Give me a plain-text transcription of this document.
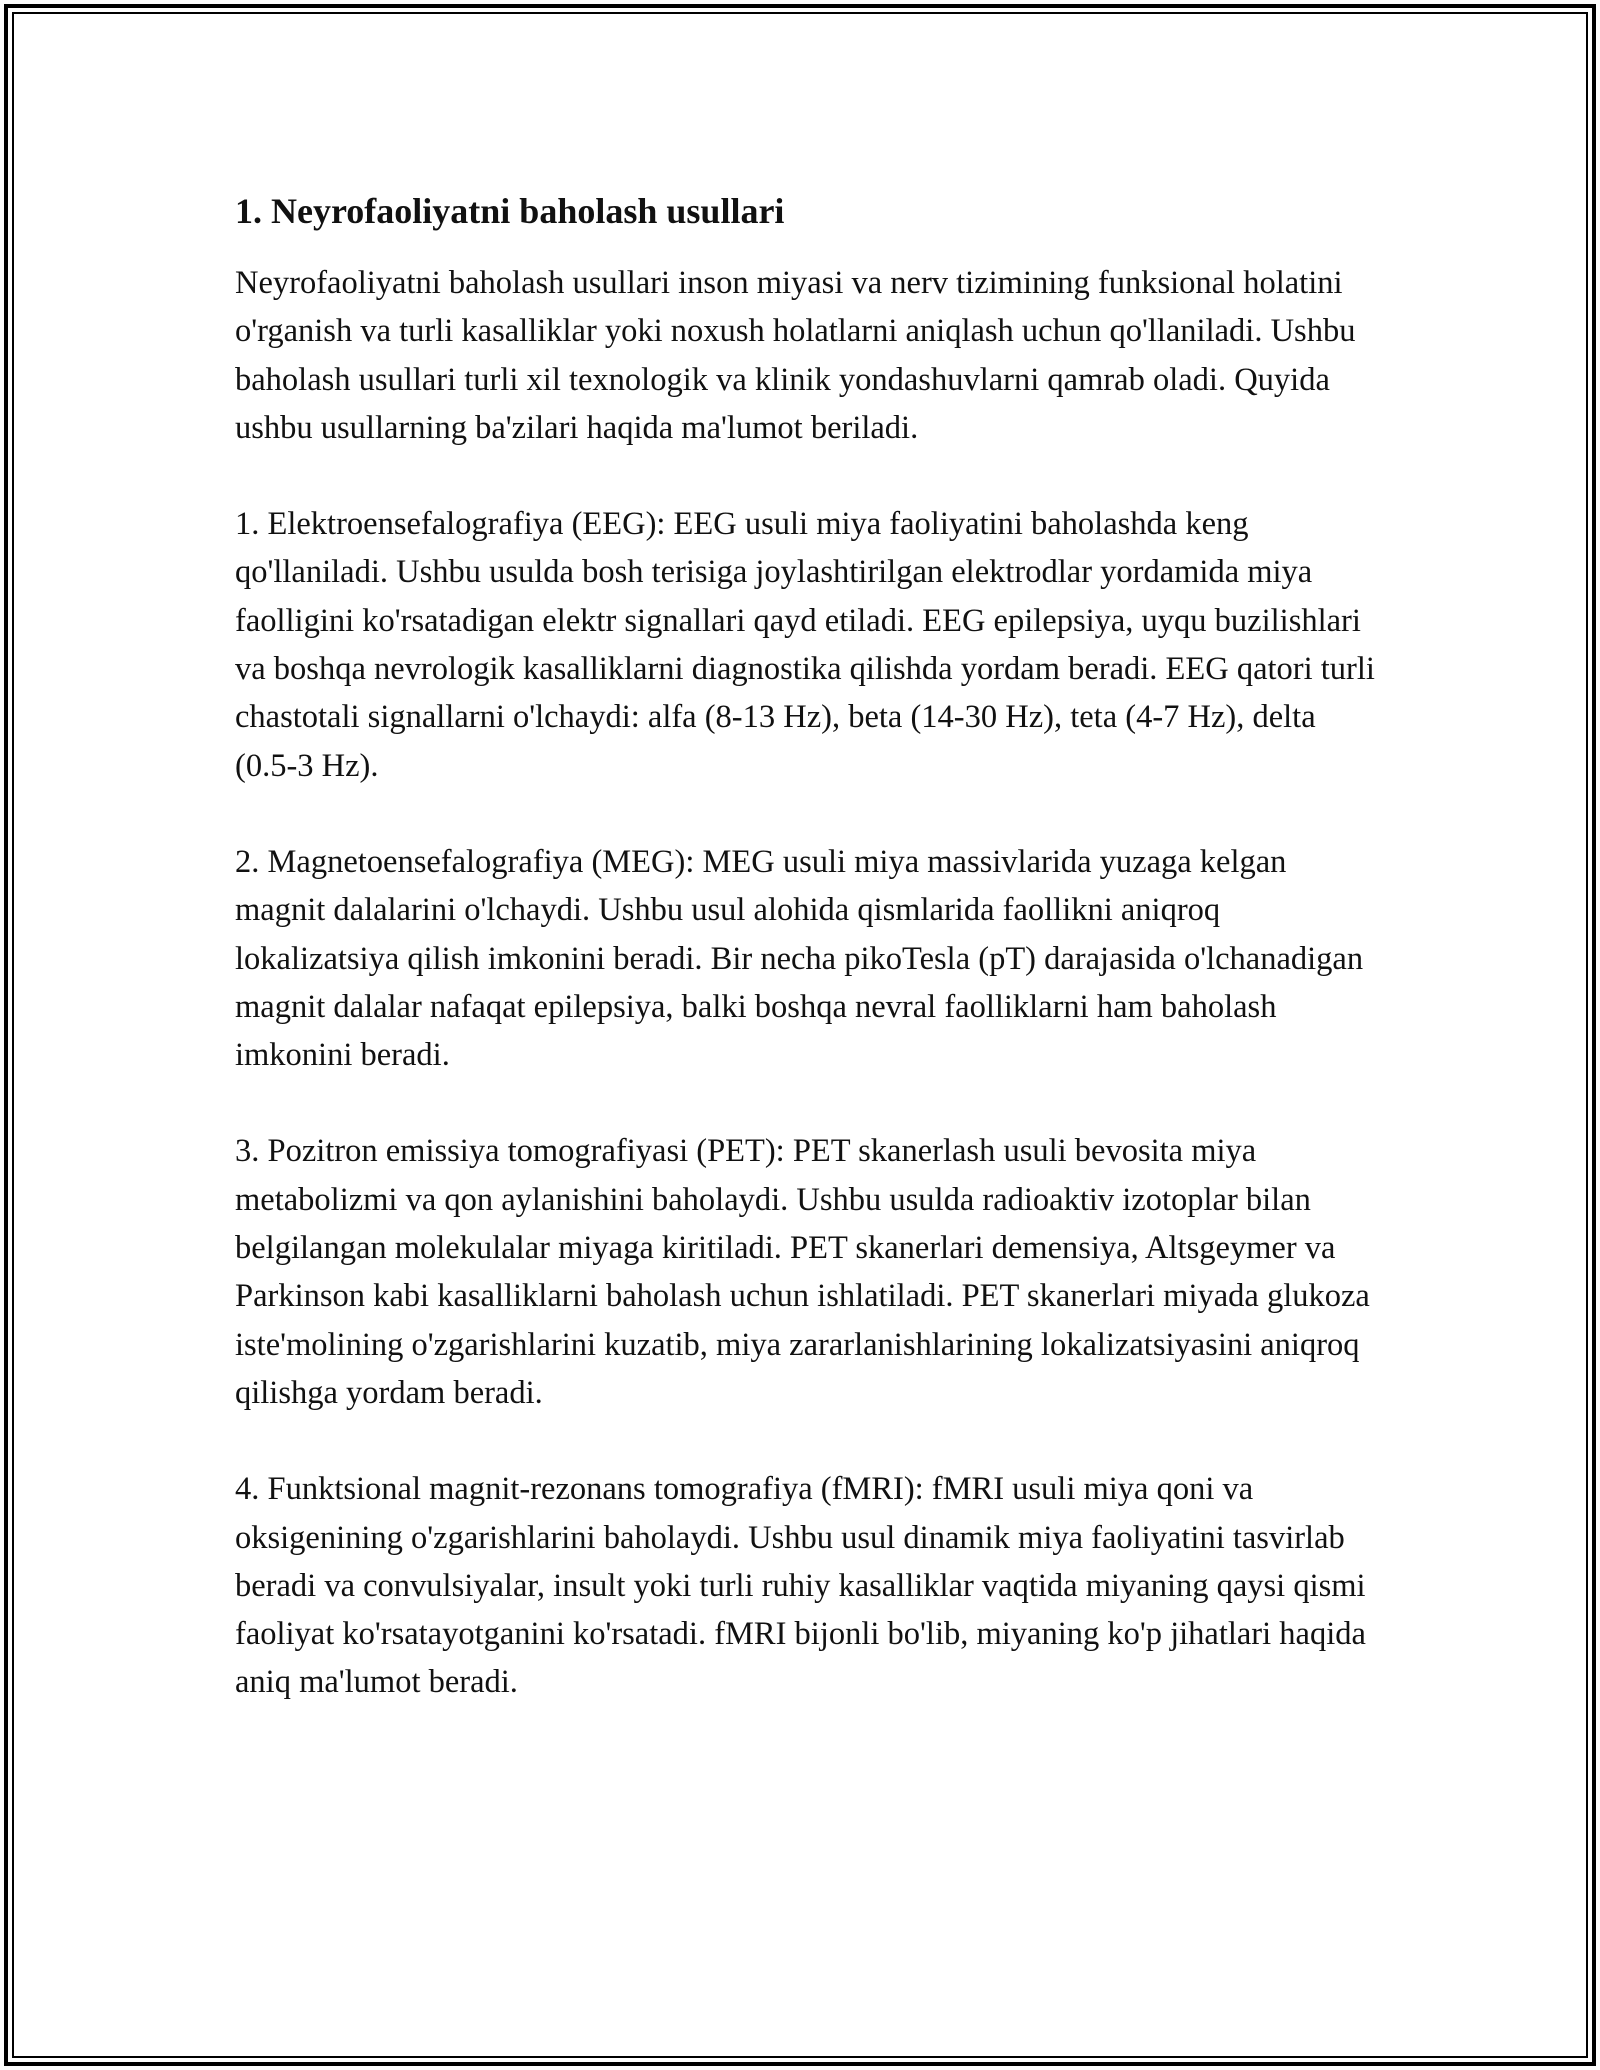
1. Neyrofaoliyatni baholash usullari

Neyrofaoliyatni baholash usullari inson miyasi va nerv tizimining funksional holatini o'rganish va turli kasalliklar yoki noxush holatlarni aniqlash uchun qo'llaniladi. Ushbu baholash usullari turli xil texnologik va klinik yondashuvlarni qamrab oladi. Quyida ushbu usullarning ba'zilari haqida ma'lumot beriladi.

1. Elektroensefalografiya (EEG): EEG usuli miya faoliyatini baholashda keng qo'llaniladi. Ushbu usulda bosh terisiga joylashtirilgan elektrodlar yordamida miya faolligini ko'rsatadigan elektr signallari qayd etiladi. EEG epilepsiya, uyqu buzilishlari va boshqa nevrologik kasalliklarni diagnostika qilishda yordam beradi. EEG qatori turli chastotali signallarni o'lchaydi: alfa (8-13 Hz), beta (14-30 Hz), teta (4-7 Hz), delta (0.5-3 Hz).

2. Magnetoensefalografiya (MEG): MEG usuli miya massivlarida yuzaga kelgan magnit dalalarini o'lchaydi. Ushbu usul alohida qismlarida faollikni aniqroq lokalizatsiya qilish imkonini beradi. Bir necha pikoTesla (pT) darajasida o'lchanadigan magnit dalalar nafaqat epilepsiya, balki boshqa nevral faolliklarni ham baholash imkonini beradi.

3. Pozitron emissiya tomografiyasi (PET): PET skanerlash usuli bevosita miya metabolizmi va qon aylanishini baholaydi. Ushbu usulda radioaktiv izotoplar bilan belgilangan molekulalar miyaga kiritiladi. PET skanerlari demensiya, Altsgeymer va Parkinson kabi kasalliklarni baholash uchun ishlatiladi. PET skanerlari miyada glukoza iste'molining o'zgarishlarini kuzatib, miya zararlanishlarining lokalizatsiyasini aniqroq qilishga yordam beradi.

4. Funktsional magnit-rezonans tomografiya (fMRI): fMRI usuli miya qoni va oksigenining o'zgarishlarini baholaydi. Ushbu usul dinamik miya faoliyatini tasvirlab beradi va convulsiyalar, insult yoki turli ruhiy kasalliklar vaqtida miyaning qaysi qismi faoliyat ko'rsatayotganini ko'rsatadi. fMRI bijonli bo'lib, miyaning ko'p jihatlari haqida aniq ma'lumot beradi.
